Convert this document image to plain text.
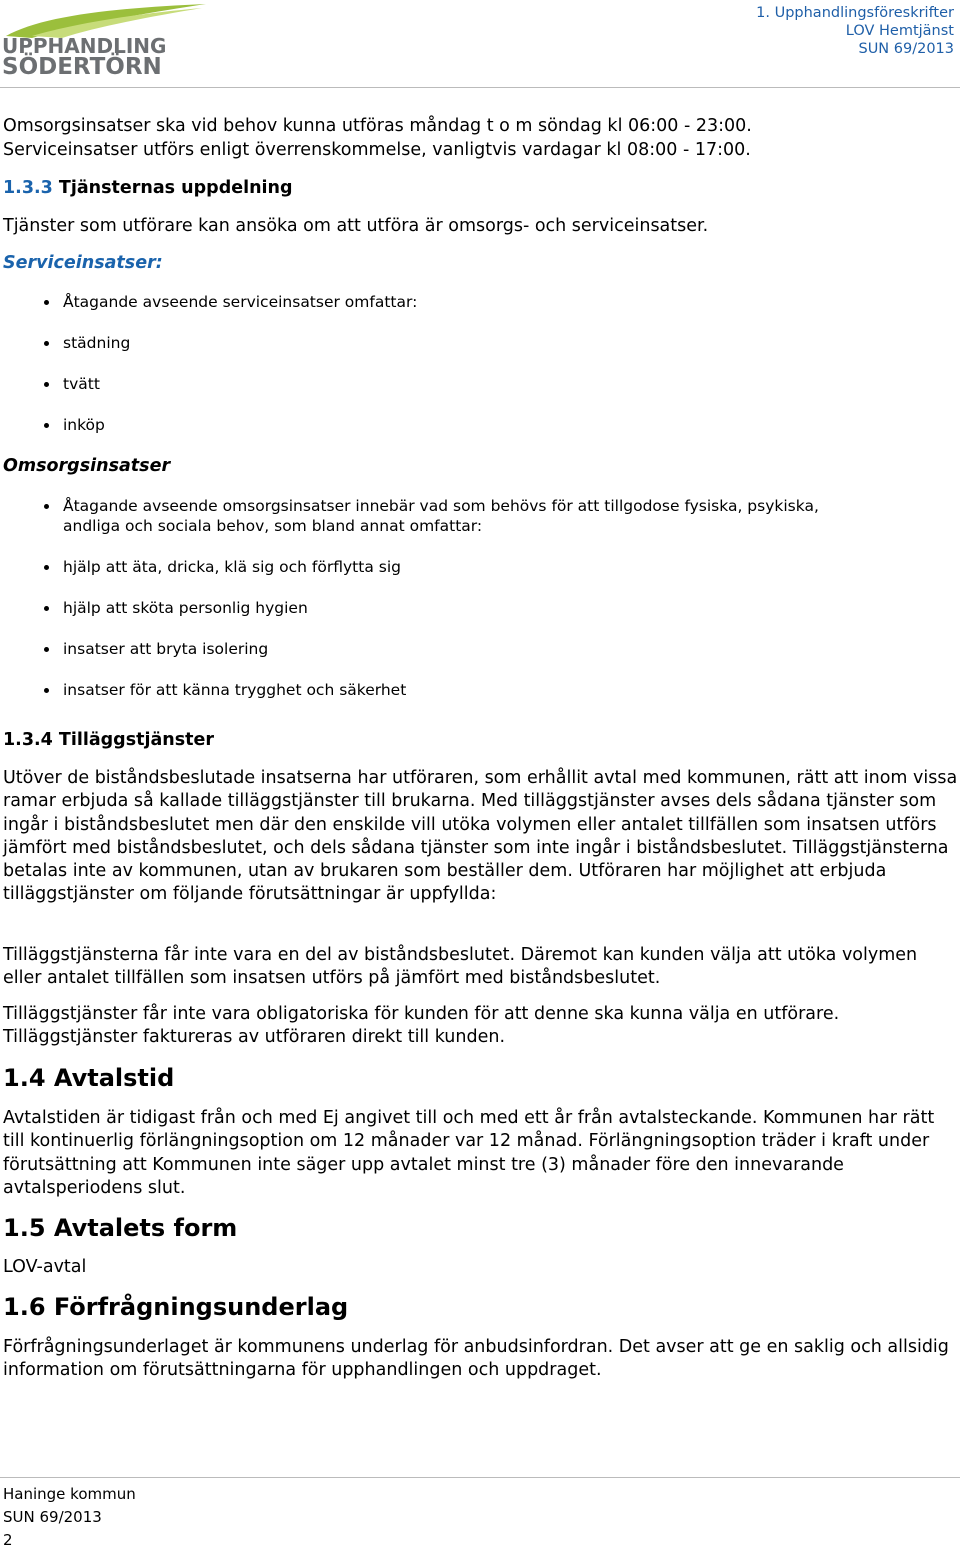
UPPHANDLING
SÖDERTÖRN
1. Upphandlingsföreskrifter
LOV Hemtjänst
SUN 69/2013
Omsorgsinsatser ska vid behov kunna utföras måndag t o m söndag kl 06:00 - 23:00.
Serviceinsatser utförs enligt överrenskommelse, vanligtvis vardagar kl 08:00 - 17:00.
1.3.3 Tjänsternas uppdelning
Tjänster som utförare kan ansöka om att utföra är omsorgs- och serviceinsatser.
Serviceinsatser:
Åtagande avseende serviceinsatser omfattar:
städning
tvätt
inköp
Omsorgsinsatser
Åtagande avseende omsorgsinsatser innebär vad som behövs för att tillgodose fysiska, psykiska,
andliga och sociala behov, som bland annat omfattar:
hjälp att äta, dricka, klä sig och förflytta sig
hjälp att sköta personlig hygien
insatser att bryta isolering
insatser för att känna trygghet och säkerhet
1.3.4 Tilläggstjänster

Utöver de biståndsbeslutade insatserna har utföraren, som erhållit avtal med kommunen, rätt att inom vissa ramar erbjuda så kallade tilläggstjänster till brukarna. Med tilläggstjänster avses dels sådana tjänster som ingår i biståndsbeslutet men där den enskilde vill utöka volymen eller antalet tillfällen som insatsen utförs jämfört med biståndsbeslutet, och dels sådana tjänster som inte ingår i biståndsbeslutet. Tilläggstjänsterna betalas inte av kommunen, utan av brukaren som beställer dem. Utföraren har möjlighet att erbjuda tilläggstjänster om följande förutsättningar är uppfyllda:

Tilläggstjänsterna får inte vara en del av biståndsbeslutet. Däremot kan kunden välja att utöka volymen eller antalet tillfällen som insatsen utförs på jämfört med biståndsbeslutet.

Tilläggstjänster får inte vara obligatoriska för kunden för att denne ska kunna välja en utförare. Tilläggstjänster faktureras av utföraren direkt till kunden.

1.4 Avtalstid

Avtalstiden är tidigast från och med Ej angivet till och med ett år från avtalsteckande. Kommunen har rätt till kontinuerlig förlängningsoption om 12 månader var 12 månad. Förlängningsoption träder i kraft under förutsättning att Kommunen inte säger upp avtalet minst tre (3) månader före den innevarande avtalsperiodens slut.

1.5 Avtalets form
LOV-avtal
1.6 Förfrågningsunderlag

Förfrågningsunderlaget är kommunens underlag för anbudsinfordran. Det avser att ge en saklig och allsidig information om förutsättningarna för upphandlingen och uppdraget.

Haninge kommun
SUN 69/2013
2
